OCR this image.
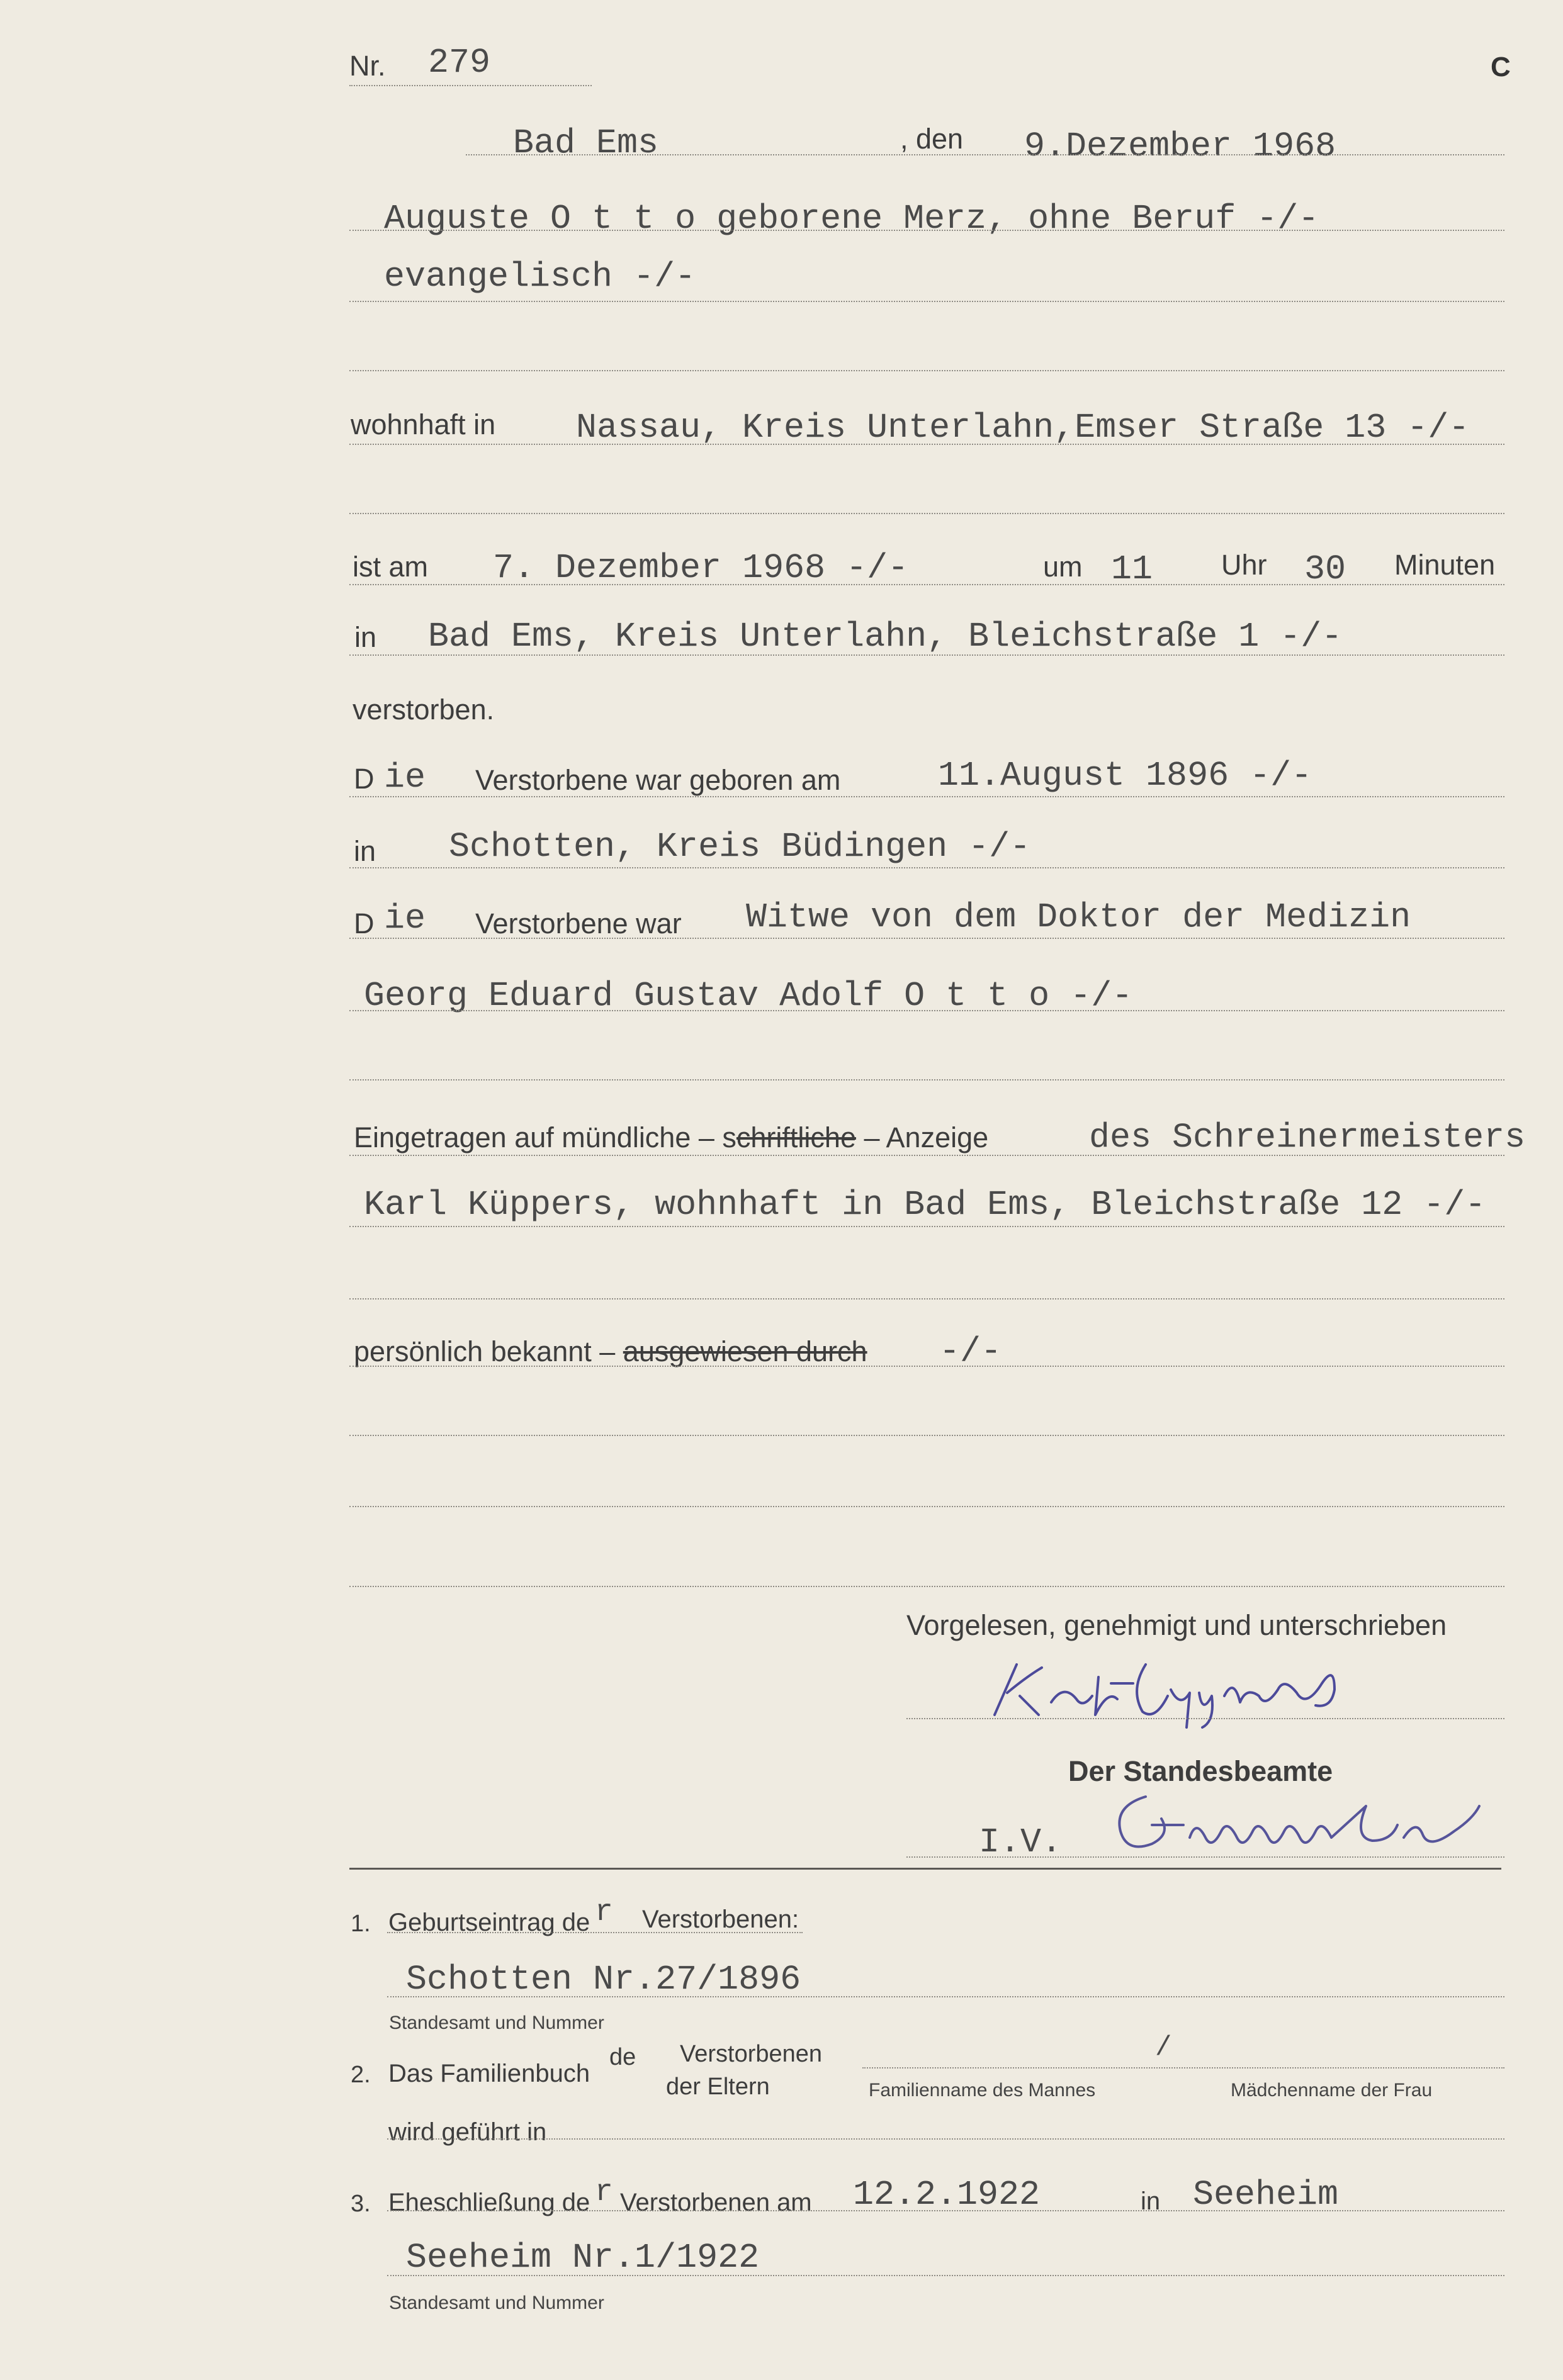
C
Nr. 279
Bad Ems	, den 9.Dezember 1968
Auguste O t t o geborene Merz, ohne Beruf -/-
evangelisch -/-
wohnhaft in Nassau, Kreis Unterlahn,Emser Straße 13 -/-
ist am 7. Dezember 1968 -/-	um 11 Uhr 30 Minuten
in Bad Ems, Kreis Unterlahn, Bleichstraße 1 -/-
verstorben.
D ie Verstorbene war geboren am	11.August 1896 -/-
in Schotten, Kreis Büdingen -/-
D ie Verstorbene war Witwe von dem Doktor der Medizin
Georg Eduard Gustav Adolf O t t o -/-
Eingetragen auf mündliche – schriftliche – Anzeige	des Schreinermeisters
Karl Küppers, wohnhaft in Bad Ems, Bleichstraße 12 -/-
persönlich bekannt – ausgewiesen durch -/-
Vorgelesen, genehmigt und unterschrieben
Der Standesbeamte
I.V.
1. Geburtseintrag de r Verstorbenen:
Schotten Nr.27/1896
Standesamt und Nummer
2. Das Familienbuch
de Verstorbenen
der Eltern
/
Familienname des Mannes	Mädchenname der Frau
wird geführt in
3. Eheschließung de r Verstorbenen am 12.2.1922	in Seeheim
Seeheim Nr.1/1922
Standesamt und Nummer
